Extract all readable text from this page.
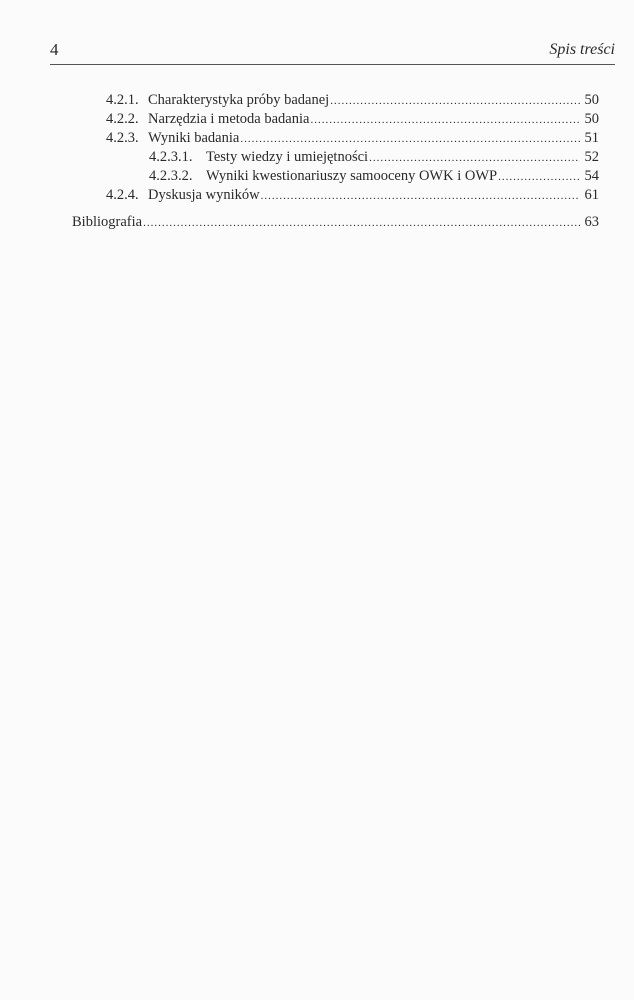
4	Spis treści
4.2.1. Charakterystyka próby badanej .....	50
4.2.2. Narzędzia i metoda badania .....	50
4.2.3. Wyniki badania .....	51
4.2.3.1. Testy wiedzy i umiejętności .....	52
4.2.3.2. Wyniki kwestionariuszy samooceny OWK i OWP .....	54
4.2.4. Dyskusja wyników .....	61
Bibliografia .....	63
